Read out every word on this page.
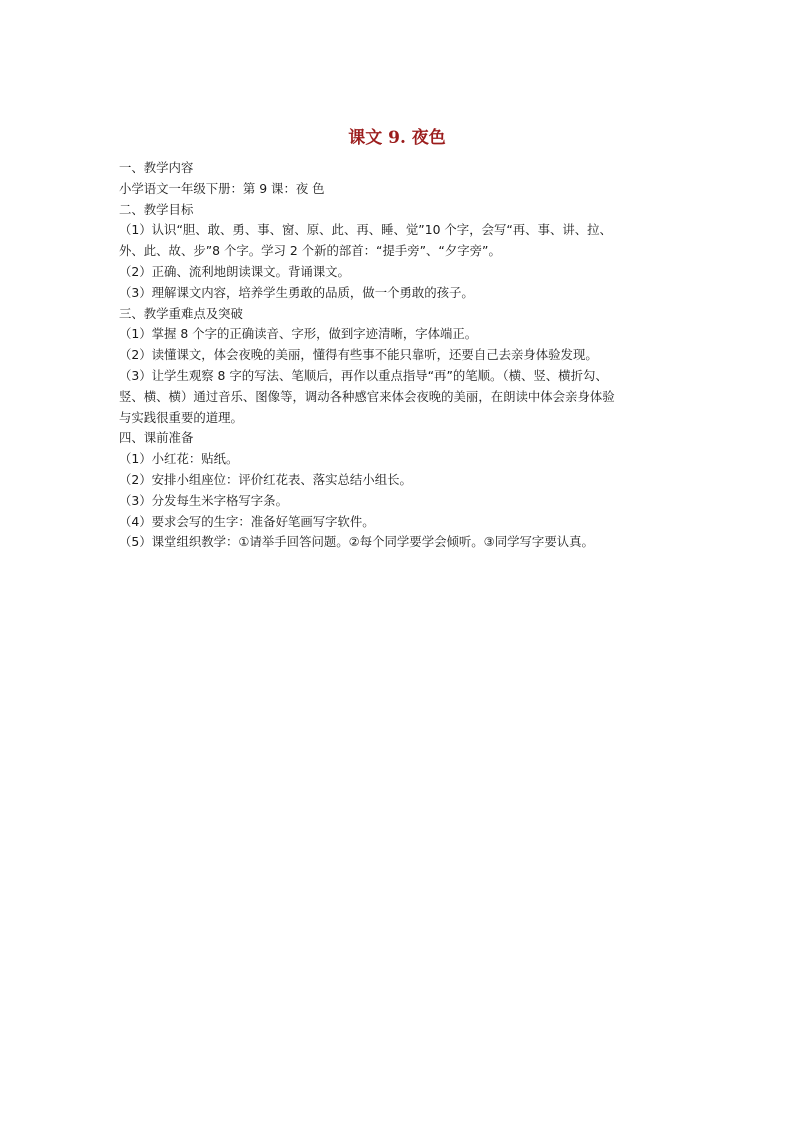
课文 9. 夜色

一、教学内容

小学语文一年级下册：第 9 课：夜 色

二、教学目标

（1）认识“胆、敢、勇、事、窗、原、此、再、睡、觉”10 个字，会写“再、事、讲、拉、

外、此、故、步”8 个字。学习 2 个新的部首：“提手旁”、“夕字旁”。

（2）正确、流利地朗读课文。背诵课文。

（3）理解课文内容，培养学生勇敢的品质，做一个勇敢的孩子。

三、教学重难点及突破

（1）掌握 8 个字的正确读音、字形，做到字迹清晰，字体端正。

（2）读懂课文，体会夜晚的美丽，懂得有些事不能只靠听，还要自己去亲身体验发现。

（3）让学生观察 8 字的写法、笔顺后，再作以重点指导“再”的笔顺。（横、竖、横折勾、

竖、横、横）通过音乐、图像等，调动各种感官来体会夜晚的美丽，在朗读中体会亲身体验

与实践很重要的道理。

四、课前准备

（1）小红花：贴纸。

（2）安排小组座位：评价红花表、落实总结小组长。

（3）分发每生米字格写字条。

（4）要求会写的生字：准备好笔画写字软件。

（5）课堂组织教学：①请举手回答问题。②每个同学要学会倾听。③同学写字要认真。
